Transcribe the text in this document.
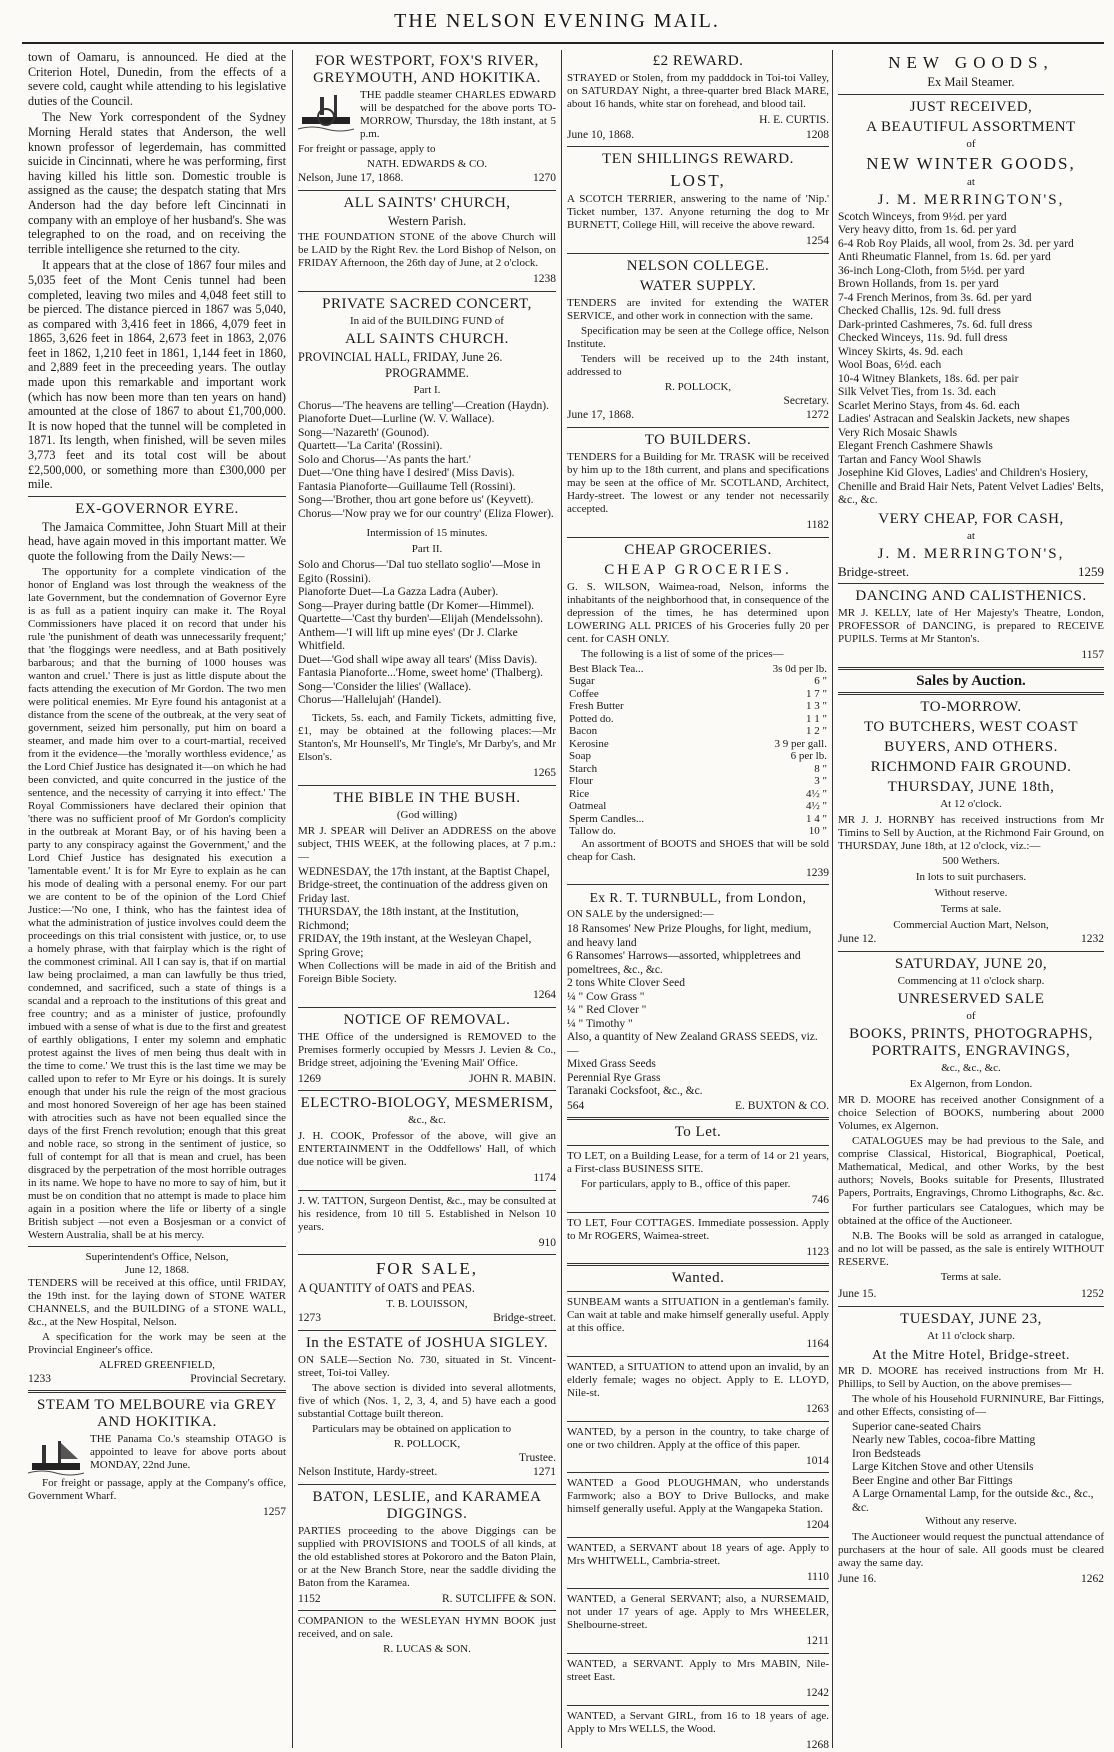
THE NELSON EVENING MAIL.

town of Oamaru, is announced. He died at the Criterion Hotel, Dunedin, from the effects of a severe cold, caught while attending to his legislative duties of the Council.

The New York correspondent of the Sydney Morning Herald states that Anderson, the well known professor of legerdemain, has committed suicide in Cincinnati, where he was performing, first having killed his little son. Domestic trouble is assigned as the cause; the despatch stating that Mrs Anderson had the day before left Cincinnati in company with an employe of her husband's. She was telegraphed to on the road, and on receiving the terrible intelligence she returned to the city.

It appears that at the close of 1867 four miles and 5,035 feet of the Mont Cenis tunnel had been completed, leaving two miles and 4,048 feet still to be pierced. The distance pierced in 1867 was 5,040, as compared with 3,416 feet in 1866, 4,079 feet in 1865, 3,626 feet in 1864, 2,673 feet in 1863, 2,076 feet in 1862, 1,210 feet in 1861, 1,144 feet in 1860, and 2,889 feet in the preceeding years. The outlay made upon this remarkable and important work (which has now been more than ten years on hand) amounted at the close of 1867 to about £1,700,000. It is now hoped that the tunnel will be completed in 1871. Its length, when finished, will be seven miles 3,773 feet and its total cost will be about £2,500,000, or something more than £300,000 per mile.

EX-GOVERNOR EYRE.

The Jamaica Committee, John Stuart Mill at their head, have again moved in this important matter. We quote the following from the Daily News:—

The opportunity for a complete vindication of the honor of England was lost through the weakness of the late Government, but the condemnation of Governor Eyre is as full as a patient inquiry can make it. The Royal Commissioners have placed it on record that under his rule 'the punishment of death was unnecessarily frequent;' that 'the floggings were needless, and at Bath positively barbarous; and that the burning of 1000 houses was wanton and cruel.' There is just as little dispute about the facts attending the execution of Mr Gordon. The two men were political enemies. Mr Eyre found his antagonist at a distance from the scene of the outbreak, at the very seat of government, seized him personally, put him on board a steamer, and made him over to a court-martial, received from it the evidence—the 'morally worthless evidence,' as the Lord Chief Justice has designated it—on which he had been convicted, and quite concurred in the justice of the sentence, and the necessity of carrying it into effect.' The Royal Commissioners have declared their opinion that 'there was no sufficient proof of Mr Gordon's complicity in the outbreak at Morant Bay, or of his having been a party to any conspiracy against the Government,' and the Lord Chief Justice has designated his execution a 'lamentable event.' It is for Mr Eyre to explain as he can his mode of dealing with a personal enemy. For our part we are content to be of the opinion of the Lord Chief Justice:—'No one, I think, who has the faintest idea of what the administration of justice involves could deem the proceedings on this trial consistent with justice, or, to use a homely phrase, with that fairplay which is the right of the commonest criminal. All I can say is, that if on martial law being proclaimed, a man can lawfully be thus tried, condemned, and sacrificed, such a state of things is a scandal and a reproach to the institutions of this great and free country; and as a minister of justice, profoundly imbued with a sense of what is due to the first and greatest of earthly obligations, I enter my solemn and emphatic protest against the lives of men being thus dealt with in the time to come.' We trust this is the last time we may be called upon to refer to Mr Eyre or his doings. It is surely enough that under his rule the reign of the most gracious and most honored Sovereign of her age has been stained with atrocities such as have not been equalled since the days of the first French revolution; enough that this great and noble race, so strong in the sentiment of justice, so full of contempt for all that is mean and cruel, has been disgraced by the perpetration of the most horrible outrages in its name. We hope to have no more to say of him, but it must be on condition that no attempt is made to place him again in a position where the life or liberty of a single British subject —not even a Bosjesman or a convict of Western Australia, shall be at his mercy.

Superintendent's Office, Nelson,
June 12, 1868.

TENDERS will be received at this office, until FRIDAY, the 19th inst. for the laying down of STONE WATER CHANNELS, and the BUILDING of a STONE WALL, &c., at the New Hospital, Nelson.

A specification for the work may be seen at the Provincial Engineer's office.

ALFRED GREENFIELD,
1233	Provincial Secretary.
STEAM TO MELBOURE via GREY AND HOKITIKA.

THE Panama Co.'s steamship OTAGO is appointed to leave for above ports about MONDAY, 22nd June.

For freight or passage, apply at the Company's office, Government Wharf.

1257
FOR WESTPORT, FOX'S RIVER, GREYMOUTH, AND HOKITIKA.

THE paddle steamer CHARLES EDWARD will be despatched for the above ports TO-MORROW, Thursday, the 18th instant, at 5 p.m.

For freight or passage, apply to

NATH. EDWARDS & CO.
Nelson, June 17, 1868.	1270
ALL SAINTS' CHURCH,
Western Parish.

THE FOUNDATION STONE of the above Church will be LAID by the Right Rev. the Lord Bishop of Nelson, on FRIDAY Afternoon, the 26th day of June, at 2 o'clock.

1238
PRIVATE SACRED CONCERT,
In aid of the BUILDING FUND of
ALL SAINTS CHURCH.

PROVINCIAL HALL, FRIDAY, June 26.

PROGRAMME.
Part I.
Chorus—'The heavens are telling'—Creation (Haydn).
Pianoforte Duet—Lurline (W. V. Wallace).
Song—'Nazareth' (Gounod).
Quartett—'La Carita' (Rossini).
Solo and Chorus—'As pants the hart.'
Duet—'One thing have I desired' (Miss Davis).
Fantasia Pianoforte—Guillaume Tell (Rossini).
Song—'Brother, thou art gone before us' (Keyvett).
Chorus—'Now pray we for our country' (Eliza Flower).
Intermission of 15 minutes.
Part II.
Solo and Chorus—'Dal tuo stellato soglio'—Mose in Egito (Rossini).
Pianoforte Duet—La Gazza Ladra (Auber).
Song—Prayer during battle (Dr Komer—Himmel).
Quartette—'Cast thy burden'—Elijah (Mendelssohn).
Anthem—'I will lift up mine eyes' (Dr J. Clarke Whitfield.
Duet—'God shall wipe away all tears' (Miss Davis).
Fantasia Pianoforte...'Home, sweet home' (Thalberg).
Song—'Consider the lilies' (Wallace).
Chorus—'Hallelujah' (Handel).

Tickets, 5s. each, and Family Tickets, admitting five, £1, may be obtained at the following places:—Mr Stanton's, Mr Hounsell's, Mr Tingle's, Mr Darby's, and Mr Elson's.

1265
THE BIBLE IN THE BUSH.
(God willing)

MR J. SPEAR will Deliver an ADDRESS on the above subject, THIS WEEK, at the following places, at 7 p.m.:—

WEDNESDAY, the 17th instant, at the Baptist Chapel, Bridge-street, the continuation of the address given on Friday last.
THURSDAY, the 18th instant, at the Institution, Richmond;
FRIDAY, the 19th instant, at the Wesleyan Chapel, Spring Grove;

When Collections will be made in aid of the British and Foreign Bible Society.

1264
NOTICE OF REMOVAL.

THE Office of the undersigned is REMOVED to the Premises formerly occupied by Messrs J. Levien & Co., Bridge street, adjoining the 'Evening Mail' Office.

1269	JOHN R. MABIN.
ELECTRO-BIOLOGY, MESMERISM,
&c., &c.

J. H. COOK, Professor of the above, will give an ENTERTAINMENT in the Oddfellows' Hall, of which due notice will be given.

1174

J. W. TATTON, Surgeon Dentist, &c., may be consulted at his residence, from 10 till 5. Established in Nelson 10 years.

910
FOR SALE,

A QUANTITY of OATS and PEAS.

T. B. LOUISSON,
1273	Bridge-street.
In the ESTATE of JOSHUA SIGLEY.

ON SALE—Section No. 730, situated in St. Vincent-street, Toi-toi Valley.

The above section is divided into several allotments, five of which (Nos. 1, 2, 3, 4, and 5) have each a good substantial Cottage built thereon.

Particulars may be obtained on application to

R. POLLOCK,
Trustee.
Nelson Institute, Hardy-street.	1271
BATON, LESLIE, and KARAMEA DIGGINGS.

PARTIES proceeding to the above Diggings can be supplied with PROVISIONS and TOOLS of all kinds, at the old established stores at Pokororo and the Baton Plain, or at the New Branch Store, near the saddle dividing the Baton from the Karamea.

1152	R. SUTCLIFFE & SON.

COMPANION to the WESLEYAN HYMN BOOK just received, and on sale.

R. LUCAS & SON.
£2 REWARD.

STRAYED or Stolen, from my padddock in Toi-toi Valley, on SATURDAY Night, a three-quarter bred Black MARE, about 16 hands, white star on forehead, and blood tail.

H. E. CURTIS.
June 10, 1868.	1208
TEN SHILLINGS REWARD.
LOST,

A SCOTCH TERRIER, answering to the name of 'Nip.' Ticket number, 137. Anyone returning the dog to Mr BURNETT, College Hill, will receive the above reward.

1254
NELSON COLLEGE.
WATER SUPPLY.

TENDERS are invited for extending the WATER SERVICE, and other work in connection with the same.

Specification may be seen at the College office, Nelson Institute.

Tenders will be received up to the 24th instant, addressed to

R. POLLOCK,
Secretary.
June 17, 1868.	1272
TO BUILDERS.

TENDERS for a Building for Mr. TRASK will be received by him up to the 18th current, and plans and specifications may be seen at the office of Mr. SCOTLAND, Architect, Hardy-street. The lowest or any tender not necessarily accepted.

1182
CHEAP GROCERIES.
CHEAP GROCERIES.

G. S. WILSON, Waimea-road, Nelson, informs the inhabitants of the neighborhood that, in consequence of the depression of the times, he has determined upon LOWERING ALL PRICES of his Groceries fully 20 per cent. for CASH ONLY.

The following is a list of some of the prices—

Best Black Tea...	3s 0d per lb.
Sugar	6 "
Coffee	1 7 "
Fresh Butter	1 3 "
Potted do.	1 1 "
Bacon	1 2 "
Kerosine	3 9 per gall.
Soap	6 per lb.
Starch	8 "
Flour	3 "
Rice	4½ "
Oatmeal	4½ "
Sperm Candles...	1 4 "
Tallow do.	10 "

An assortment of BOOTS and SHOES that will be sold cheap for Cash.

1239
Ex R. T. TURNBULL, from London,

ON SALE by the undersigned:—

18 Ransomes' New Prize Ploughs, for light, medium, and heavy land
6 Ransomes' Harrows—assorted, whippletrees and pomeltrees, &c., &c.
2 tons White Clover Seed
¼ " Cow Grass "
¼ " Red Clover "
¼ " Timothy "
Also, a quantity of New Zealand GRASS SEEDS, viz.—
Mixed Grass Seeds
Perennial Rye Grass
Taranaki Cocksfoot, &c., &c.
564	E. BUXTON & CO.
To Let.

TO LET, on a Building Lease, for a term of 14 or 21 years, a First-class BUSINESS SITE.

For particulars, apply to B., office of this paper.

746

TO LET, Four COTTAGES. Immediate possession. Apply to Mr ROGERS, Waimea-street.

1123
Wanted.

SUNBEAM wants a SITUATION in a gentleman's family. Can wait at table and make himself generally useful. Apply at this office.

1164

WANTED, a SITUATION to attend upon an invalid, by an elderly female; wages no object. Apply to E. LLOYD, Nile-st.

1263

WANTED, by a person in the country, to take charge of one or two children. Apply at the office of this paper.

1014

WANTED a Good PLOUGHMAN, who understands Farmwork; also a BOY to Drive Bullocks, and make himself generally useful. Apply at the Wangapeka Station.

1204

WANTED, a SERVANT about 18 years of age. Apply to Mrs WHITWELL, Cambria-street.

1110

WANTED, a General SERVANT; also, a NURSEMAID, not under 17 years of age. Apply to Mrs WHEELER, Shelbourne-street.

1211

WANTED, a SERVANT. Apply to Mrs MABIN, Nile-street East.

1242

WANTED, a Servant GIRL, from 16 to 18 years of age. Apply to Mrs WELLS, the Wood.

1268
NEW GOODS,
Ex Mail Steamer.
JUST RECEIVED,
A BEAUTIFUL ASSORTMENT
of
NEW WINTER GOODS,
at
J. M. MERRINGTON'S,
Scotch Winceys, from 9½d. per yard
Very heavy ditto, from 1s. 6d. per yard
6-4 Rob Roy Plaids, all wool, from 2s. 3d. per yard
Anti Rheumatic Flannel, from 1s. 6d. per yard
36-inch Long-Cloth, from 5½d. per yard
Brown Hollands, from 1s. per yard
7-4 French Merinos, from 3s. 6d. per yard
Checked Challis, 12s. 9d. full dress
Dark-printed Cashmeres, 7s. 6d. full dress
Checked Winceys, 11s. 9d. full dress
Wincey Skirts, 4s. 9d. each
Wool Boas, 6½d. each
10-4 Witney Blankets, 18s. 6d. per pair
Silk Velvet Ties, from 1s. 3d. each
Scarlet Merino Stays, from 4s. 6d. each
Ladies' Astracan and Sealskin Jackets, new shapes
Very Rich Mosaic Shawls
Elegant French Cashmere Shawls
Tartan and Fancy Wool Shawls
Josephine Kid Gloves, Ladies' and Children's Hosiery, Chenille and Braid Hair Nets, Patent Velvet Ladies' Belts, &c., &c.
VERY CHEAP, FOR CASH,
at
J. M. MERRINGTON'S,
Bridge-street.	1259
DANCING AND CALISTHENICS.

MR J. KELLY, late of Her Majesty's Theatre, London, PROFESSOR of DANCING, is prepared to RECEIVE PUPILS. Terms at Mr Stanton's.

1157
Sales by Auction.
TO-MORROW.
TO BUTCHERS, WEST COAST
BUYERS, AND OTHERS.
RICHMOND FAIR GROUND.
THURSDAY, JUNE 18th,
At 12 o'clock.

MR J. J. HORNBY has received instructions from Mr Timins to Sell by Auction, at the Richmond Fair Ground, on THURSDAY, June 18th, at 12 o'clock, viz.:—

500 Wethers.
In lots to suit purchasers.
Without reserve.
Terms at sale.
Commercial Auction Mart, Nelson,
June 12.	1232
SATURDAY, JUNE 20,
Commencing at 11 o'clock sharp.
UNRESERVED SALE
of
BOOKS, PRINTS, PHOTOGRAPHS, PORTRAITS, ENGRAVINGS,
&c., &c., &c.
Ex Algernon, from London.

MR D. MOORE has received another Consignment of a choice Selection of BOOKS, numbering about 2000 Volumes, ex Algernon.

CATALOGUES may be had previous to the Sale, and comprise Classical, Historical, Biographical, Poetical, Mathematical, Medical, and other Works, by the best authors; Novels, Books suitable for Presents, Illustrated Papers, Portraits, Engravings, Chromo Lithographs, &c. &c.

For further particulars see Catalogues, which may be obtained at the office of the Auctioneer.

N.B. The Books will be sold as arranged in catalogue, and no lot will be passed, as the sale is entirely WITHOUT RESERVE.

Terms at sale.
June 15.	1252
TUESDAY, JUNE 23,
At 11 o'clock sharp.
At the Mitre Hotel, Bridge-street.

MR D. MOORE has received instructions from Mr H. Phillips, to Sell by Auction, on the above premises—

The whole of his Household FURNINURE, Bar Fittings, and other Effects, consisting of—

Superior cane-seated Chairs
Nearly new Tables, cocoa-fibre Matting
Iron Bedsteads
Large Kitchen Stove and other Utensils
Beer Engine and other Bar Fittings
A Large Ornamental Lamp, for the outside &c., &c., &c.
Without any reserve.

The Auctioneer would request the punctual attendance of purchasers at the hour of sale. All goods must be cleared away the same day.

June 16.	1262
